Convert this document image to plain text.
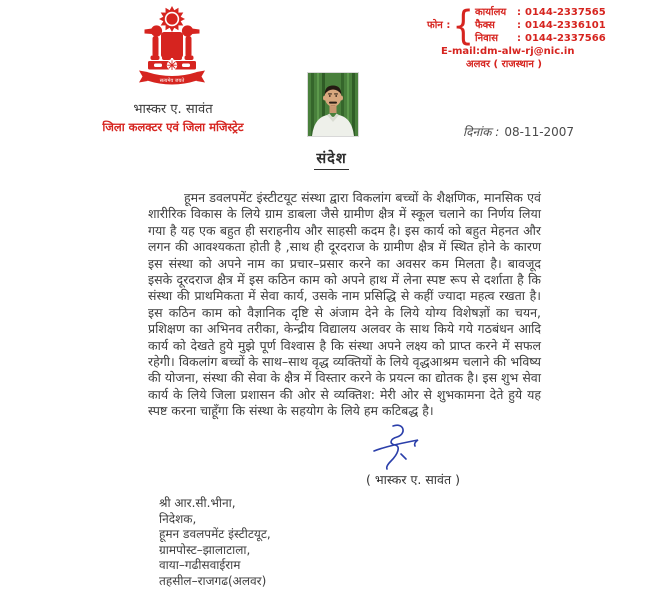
सत्यमेव जयते
भास्कर ए. सावंत
जिला कलक्टर एवं जिला मजिस्ट्रेट
फोन : { कार्यालय	: 0144-2337565
फैक्स	: 0144-2336101
निवास	: 0144-2337566
E-mail:dm-alw-rj@nic.in
अलवर ( राजस्थान )
दिनांक : 08-11-2007
संदेश
हूमन डवलपमेंट इंस्टीटयूट संस्था द्वारा विकलांग बच्चों के शैक्षणिक, मानसिक एवं शारीरिक विकास के लिये ग्राम डाबला जैसे ग्रामीण क्षैत्र में स्कूल चलाने का निर्णय लिया गया है यह एक बहुत ही सराहनीय और साहसी कदम है। इस कार्य को बहुत मेहनत और लगन की आवश्यकता होती है ,साथ ही दूरदराज के ग्रामीण क्षैत्र में स्थित होने के कारण इस संस्था को अपने नाम का प्रचार–प्रसार करने का अवसर कम मिलता है। बावजूद इसके दूरदराज क्षैत्र में इस कठिन काम को अपने हाथ में लेना स्पष्ट रूप से दर्शाता है कि संस्था की प्राथमिकता में सेवा कार्य, उसके नाम प्रसिद्धि से कहीं ज्यादा महत्व रखता है। इस कठिन काम को वैज्ञानिक दृष्टि से अंजाम देने के लिये योग्य विशेषज्ञों का चयन, प्रशिक्षण का अभिनव तरीका, केन्द्रीय विद्यालय अलवर के साथ किये गये गठबंधन आदि कार्य को देखते हुये मुझे पूर्ण विश्वास है कि संस्था अपने लक्ष्य को प्राप्त करने में सफल रहेगी। विकलांग बच्चों के साथ–साथ वृद्ध व्यक्तियों के लिये वृद्धआश्रम चलाने की भविष्य की योजना, संस्था की सेवा के क्षैत्र में विस्तार करने के प्रयत्न का द्योतक है। इस शुभ सेवा कार्य के लिये जिला प्रशासन की ओर से व्यक्तिश: मेरी ओर से शुभकामना देते हुये यह स्पष्ट करना चाहूँगा कि संस्था के सहयोग के लिये हम कटिबद्ध है।
( भास्कर ए. सावंत )
श्री आर.सी.भीना,
निदेशक,
हूमन डवलपमेंट इंस्टीटयूट,
ग्रामपोस्ट–झालाटाला,
वाया–गढीसवाईराम
तहसील–राजगढ(अलवर)
